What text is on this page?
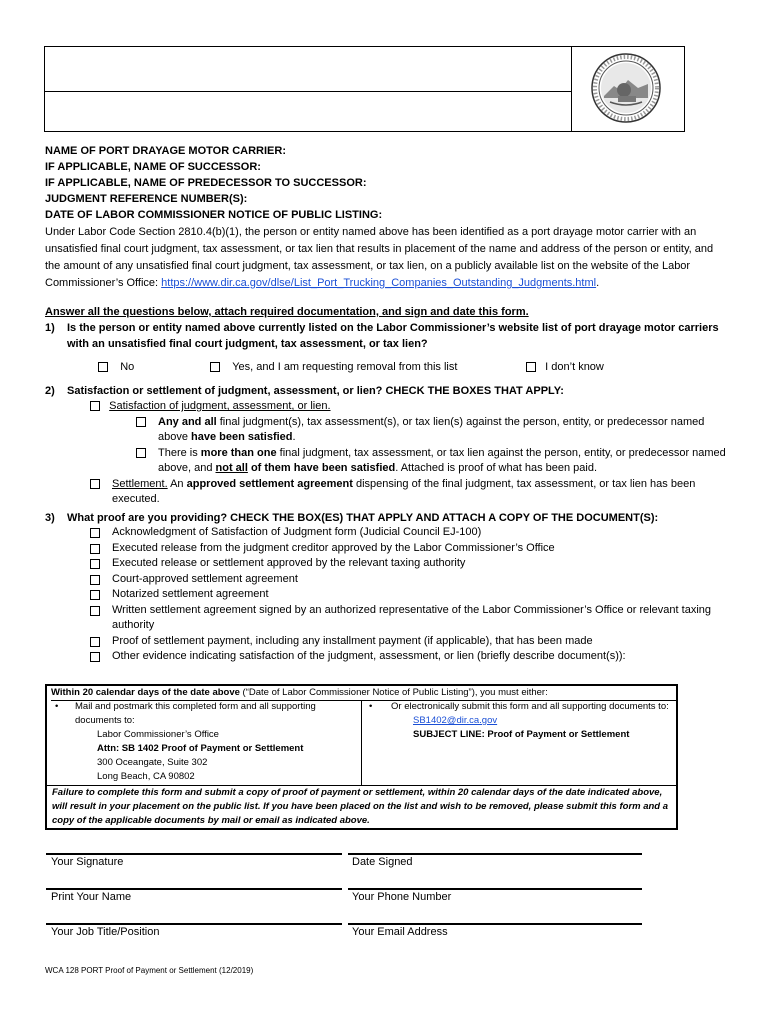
NAME OF PORT DRAYAGE MOTOR CARRIER:
IF APPLICABLE, NAME OF SUCCESSOR:
IF APPLICABLE, NAME OF PREDECESSOR TO SUCCESSOR:
JUDGMENT REFERENCE NUMBER(S):
DATE OF LABOR COMMISSIONER NOTICE OF PUBLIC LISTING:
Under Labor Code Section 2810.4(b)(1), the person or entity named above has been identified as a port drayage motor carrier with an unsatisfied final court judgment, tax assessment, or tax lien that results in placement of the name and address of the person or entity, and the amount of any unsatisfied final court judgment, tax assessment, or tax lien, on a publicly available list on the website of the Labor Commissioner’s Office: https://www.dir.ca.gov/dlse/List_Port_Trucking_Companies_Outstanding_Judgments.html.
Answer all the questions below, attach required documentation, and sign and date this form.
1) Is the person or entity named above currently listed on the Labor Commissioner’s website list of port drayage motor carriers with an unsatisfied final court judgment, tax assessment, or tax lien?
No	Yes, and I am requesting removal from this list	I don’t know
2) Satisfaction or settlement of judgment, assessment, or lien? CHECK THE BOXES THAT APPLY:
Satisfaction of judgment, assessment, or lien.
Any and all final judgment(s), tax assessment(s), or tax lien(s) against the person, entity, or predecessor named above have been satisfied.
There is more than one final judgment, tax assessment, or tax lien against the person, entity, or predecessor named above, and not all of them have been satisfied. Attached is proof of what has been paid.
Settlement. An approved settlement agreement dispensing of the final judgment, tax assessment, or tax lien has been executed.
3) What proof are you providing? CHECK THE BOX(ES) THAT APPLY AND ATTACH A COPY OF THE DOCUMENT(S):
Acknowledgment of Satisfaction of Judgment form (Judicial Council EJ-100)
Executed release from the judgment creditor approved by the Labor Commissioner’s Office
Executed release or settlement approved by the relevant taxing authority
Court-approved settlement agreement
Notarized settlement agreement
Written settlement agreement signed by an authorized representative of the Labor Commissioner’s Office or relevant taxing authority
Proof of settlement payment, including any installment payment (if applicable), that has been made
Other evidence indicating satisfaction of the judgment, assessment, or lien (briefly describe document(s)):
Within 20 calendar days of the date above (“Date of Labor Commissioner Notice of Public Listing”), you must either:
• Mail and postmark this completed form and all supporting documents to:
Labor Commissioner’s Office
Attn: SB 1402 Proof of Payment or Settlement
300 Oceangate, Suite 302
Long Beach, CA 90802
• Or electronically submit this form and all supporting documents to:
SB1402@dir.ca.gov
SUBJECT LINE: Proof of Payment or Settlement
Failure to complete this form and submit a copy of proof of payment or settlement, within 20 calendar days of the date indicated above, will result in your placement on the public list. If you have been placed on the list and wish to be removed, please submit this form and a copy of the applicable documents by mail or email as indicated above.
Your Signature	Date Signed
Print Your Name	Your Phone Number
Your Job Title/Position	Your Email Address
WCA 128 PORT Proof of Payment or Settlement (12/2019)
